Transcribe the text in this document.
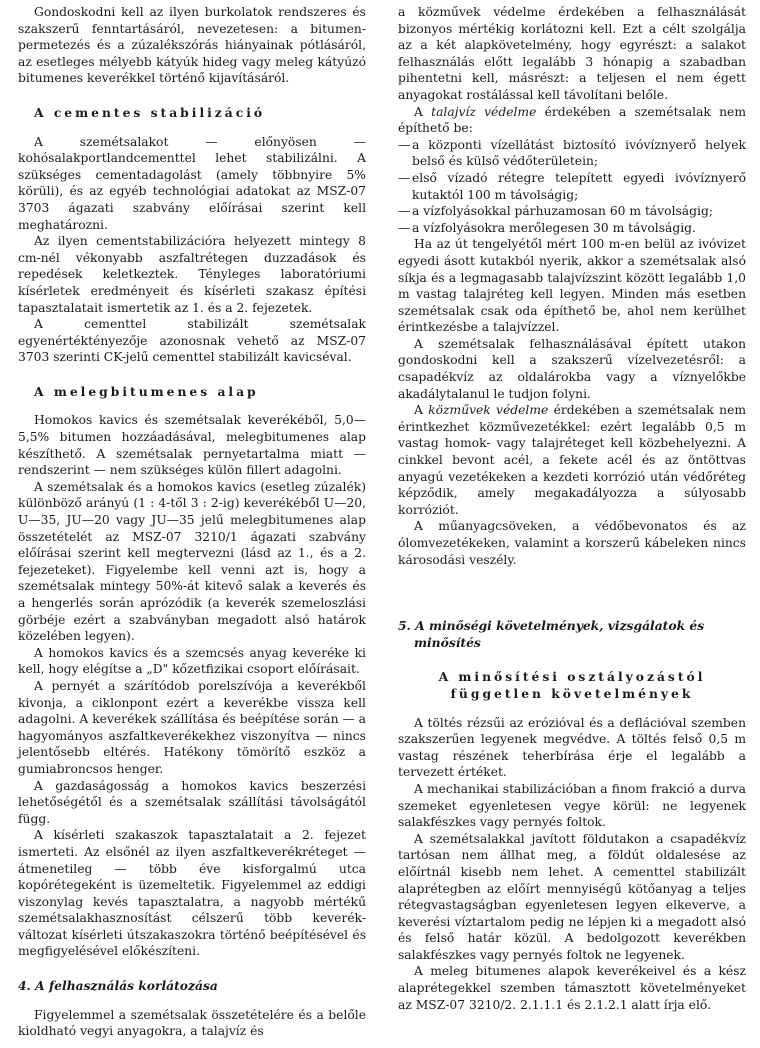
Gondoskodni kell az ilyen burkolatok rendszeres és szakszerű fenntartásáról, nevezetesen: a bitumen-permetezés és a zúzalékszórás hiányainak pótlásáról, az esetleges mélyebb kátyúk hideg vagy meleg kátyúzó bitumenes keverékkel történő kijavításáról.

A cementes stabilizáció

A szemétsalakot — előnyösen — kohósalakportlandcementtel lehet stabilizálni. A szükséges cementadagolást (amely többnyire 5% körüli), és az egyéb technológiai adatokat az MSZ-07 3703 ágazati szabvány előírásai szerint kell meghatározni.

Az ilyen cementstabilizációra helyezett mintegy 8 cm-nél vékonyabb aszfaltrétegen duzzadások és repedések keletkeztek. Tényleges laboratóriumi kísérletek eredményeit és kísérleti szakasz építési tapasztalatait ismertetik az 1. és a 2. fejezetek.

A cementtel stabilizált szemétsalak egyenértéktényezője azonosnak vehető az MSZ-07 3703 szerinti CK-jelű cementtel stabilizált kavicséval.

A melegbitumenes alap

Homokos kavics és szemétsalak keverékéből, 5,0—5,5% bitumen hozzáadásával, melegbitumenes alap készíthető. A szemétsalak pernyetartalma miatt — rendszerint — nem szükséges külön fillert adagolni.

A szemétsalak és a homokos kavics (esetleg zúzalék) különböző arányú (1 : 4-től 3 : 2-ig) keverékéből U—20, U—35, JU—20 vagy JU—35 jelű melegbitumenes alap összetételét az MSZ-07 3210/1 ágazati szabvány előírásai szerint kell megtervezni (lásd az 1., és a 2. fejezeteket). Figyelembe kell venni azt is, hogy a szemétsalak mintegy 50%-át kitevő salak a keverés és a hengerlés során aprózódik (a keverék szemeloszlási görbéje ezért a szabványban megadott alsó határok közelében legyen).

A homokos kavics és a szemcsés anyag keveréke ki kell, hogy elégítse a „D" kőzetfizikai csoport előírásait.

A pernyét a szárítódob porelszívója a keverékből kivonja, a ciklonpont ezért a keverékbe vissza kell adagolni. A keverékek szállítása és beépítése során — a hagyományos aszfaltkeverékekhez viszonyítva — nincs jelentősebb eltérés. Hatékony tömörítő eszköz a gumiabroncsos henger.

A gazdaságosság a homokos kavics beszerzési lehetőségétől és a szemétsalak szállítási távolságától függ.

A kísérleti szakaszok tapasztalatait a 2. fejezet ismerteti. Az elsőnél az ilyen aszfaltkeverékréteget — átmenetileg — több éve kisforgalmú utca kopórétegeként is üzemeltetik. Figyelemmel az eddigi viszonylag kevés tapasztalatra, a nagyobb mértékű szemétsalakhasznosítást célszerű több keverék-változat kísérleti útszakaszokra történő beépítésével és megfigyelésével előkészíteni.

4. A felhasználás korlátozása

Figyelemmel a szemétsalak összetételére és a belőle kioldható vegyi anyagokra, a talajvíz és

a közművek védelme érdekében a felhasználását bizonyos mértékig korlátozni kell. Ezt a célt szolgálja az a két alapkövetelmény, hogy egyrészt: a salakot felhasználás előtt legalább 3 hónapig a szabadban pihentetni kell, másrészt: a teljesen el nem égett anyagokat rostálással kell távolítani belőle.

A talajvíz védelme érdekében a szemétsalak nem építhető be:

— a központi vízellátást biztosító ivóvíznyerő helyek belső és külső védőterületein;

— első vízadó rétegre telepített egyedi ivóvíznyerő kutaktól 100 m távolságig;

— a vízfolyásokkal párhuzamosan 60 m távolságig;

— a vízfolyásokra merőlegesen 30 m távolságig.

Ha az út tengelyétől mért 100 m-en belül az ivóvizet egyedi ásott kutakból nyerik, akkor a szemétsalak alsó síkja és a legmagasabb talajvízszint között legalább 1,0 m vastag talajréteg kell legyen. Minden más esetben szemétsalak csak oda építhető be, ahol nem kerülhet érintkezésbe a talajvízzel.

A szemétsalak felhasználásával épített utakon gondoskodni kell a szakszerű vízelvezetésről: a csapadékvíz az oldalárokba vagy a víznyelőkbe akadálytalanul le tudjon folyni.

A közművek védelme érdekében a szemétsalak nem érintkezhet közművezetékkel: ezért legalább 0,5 m vastag homok- vagy talajréteget kell közbehelyezni. A cinkkel bevont acél, a fekete acél és az öntöttvas anyagú vezetékeken a kezdeti korrózió után védőréteg képződik, amely megakadályozza a súlyosabb korróziót.

A műanyagcsöveken, a védőbevonatos és az ólomvezetékeken, valamint a korszerű kábeleken nincs károsodási veszély.

5. A minőségi követelmények, vizsgálatok és
minősítés
A minősítési osztályozástól
független követelmények

A töltés rézsűi az erózióval és a deflációval szemben szakszerűen legyenek megvédve. A töltés felső 0,5 m vastag részének teherbírása érje el legalább a tervezett értéket.

A mechanikai stabilizációban a finom frakció a durva szemeket egyenletesen vegye körül: ne legyenek salakfészkes vagy pernyés foltok.

A szemétsalakkal javított földutakon a csapadékvíz tartósan nem állhat meg, a földút oldalesése az előírtnál kisebb nem lehet. A cementtel stabilizált alaprétegben az előírt mennyiségű kötőanyag a teljes rétegvastagságban egyenletesen legyen elkeverve, a keverési víztartalom pedig ne lépjen ki a megadott alsó és felső határ közül. A bedolgozott keverékben salakfészkes vagy pernyés foltok ne legyenek.

A meleg bitumenes alapok keverékeivel és a kész alaprétegekkel szemben támasztott követelményeket az MSZ-07 3210/2. 2.1.1.1 és 2.1.2.1 alatt írja elő.
